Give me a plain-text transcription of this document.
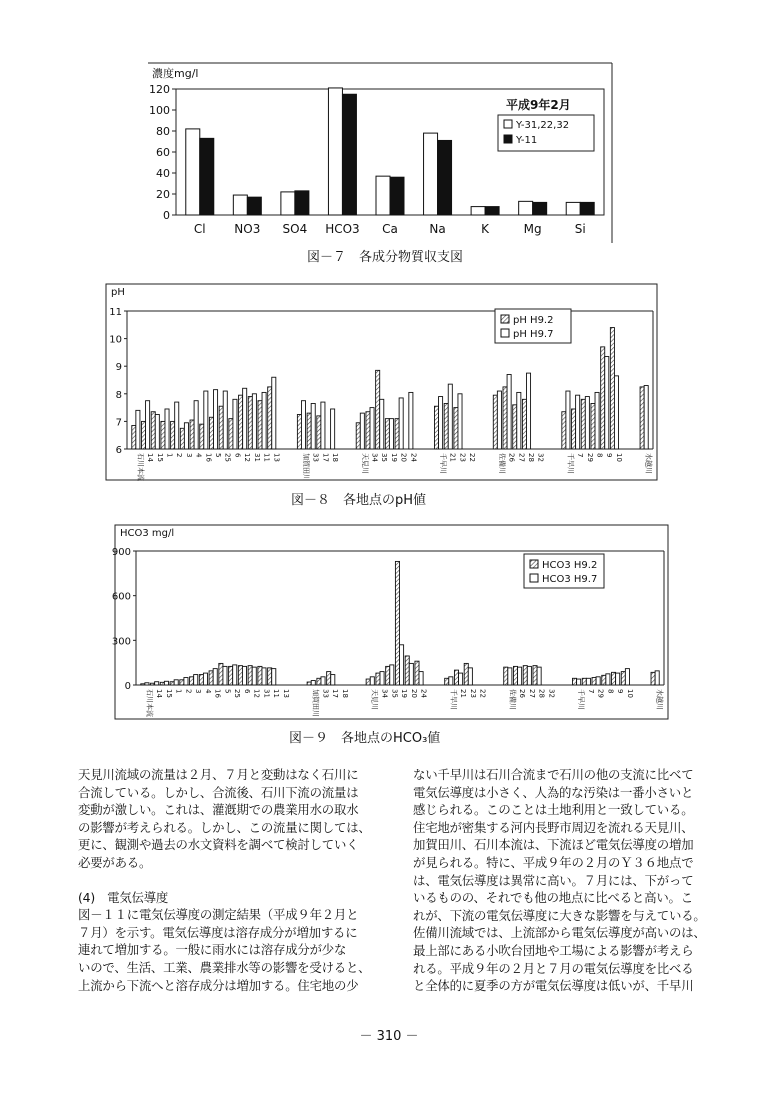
濃度mg/l
0
20
40
60
80
100
120
Cl NO3 SO4 HCO3 Ca	Na	K	Mg	Si
平成9年2月
Y-31,22,32
Y-11
図－７　各成分物質収支図
pH
6
7
8
9
10
11
石川本流 14 15 1 2 3 4 16 5 25 6 12 31 11 13	加賀田川 33 17 18	天見川 34 35 19 20 24	千早川 21 23 22	佐備川 26 27 28 32	千早川 7 29 8 9 10	水越川
pH H9.2
pH H9.7
図－８　各地点のpH値
HCO3 mg/l
0
300
600
900
石川本流 14 15 1 2 3 4 16 5 25 6 12 31 11 13	加賀田川 33 17 18	天見川 34 35 19 20 24	千早川 21 23 22	佐備川 26 27 28 32	千早川 7 29 8 9 10	水越川
HCO3 H9.2
HCO3 H9.7
図－９　各地点のHCO₃値

天見川流域の流量は２月、７月と変動はなく石川に

合流している。しかし、合流後、石川下流の流量は

変動が激しい。これは、灌漑期での農業用水の取水

の影響が考えられる。しかし、この流量に関しては、

更に、観測や過去の水文資料を調べて検討していく

必要がある。

(4)　電気伝導度

図－１１に電気伝導度の測定結果（平成９年２月と

７月）を示す。電気伝導度は溶存成分が増加するに

連れて増加する。一般に雨水には溶存成分が少な

いので、生活、工業、農業排水等の影響を受けると、

上流から下流へと溶存成分は増加する。住宅地の少

ない千早川は石川合流まで石川の他の支流に比べて

電気伝導度は小さく、人為的な汚染は一番小さいと

感じられる。このことは土地利用と一致している。

住宅地が密集する河内長野市周辺を流れる天見川、

加賀田川、石川本流は、下流ほど電気伝導度の増加

が見られる。特に、平成９年の２月のＹ３６地点で

は、電気伝導度は異常に高い。７月には、下がって

いるものの、それでも他の地点に比べると高い。こ

れが、下流の電気伝導度に大きな影響を与えている。

佐備川流域では、上流部から電気伝導度が高いのは、

最上部にある小吹台団地や工場による影響が考えら

れる。平成９年の２月と７月の電気伝導度を比べる

と全体的に夏季の方が電気伝導度は低いが、千早川

－ 310 －
